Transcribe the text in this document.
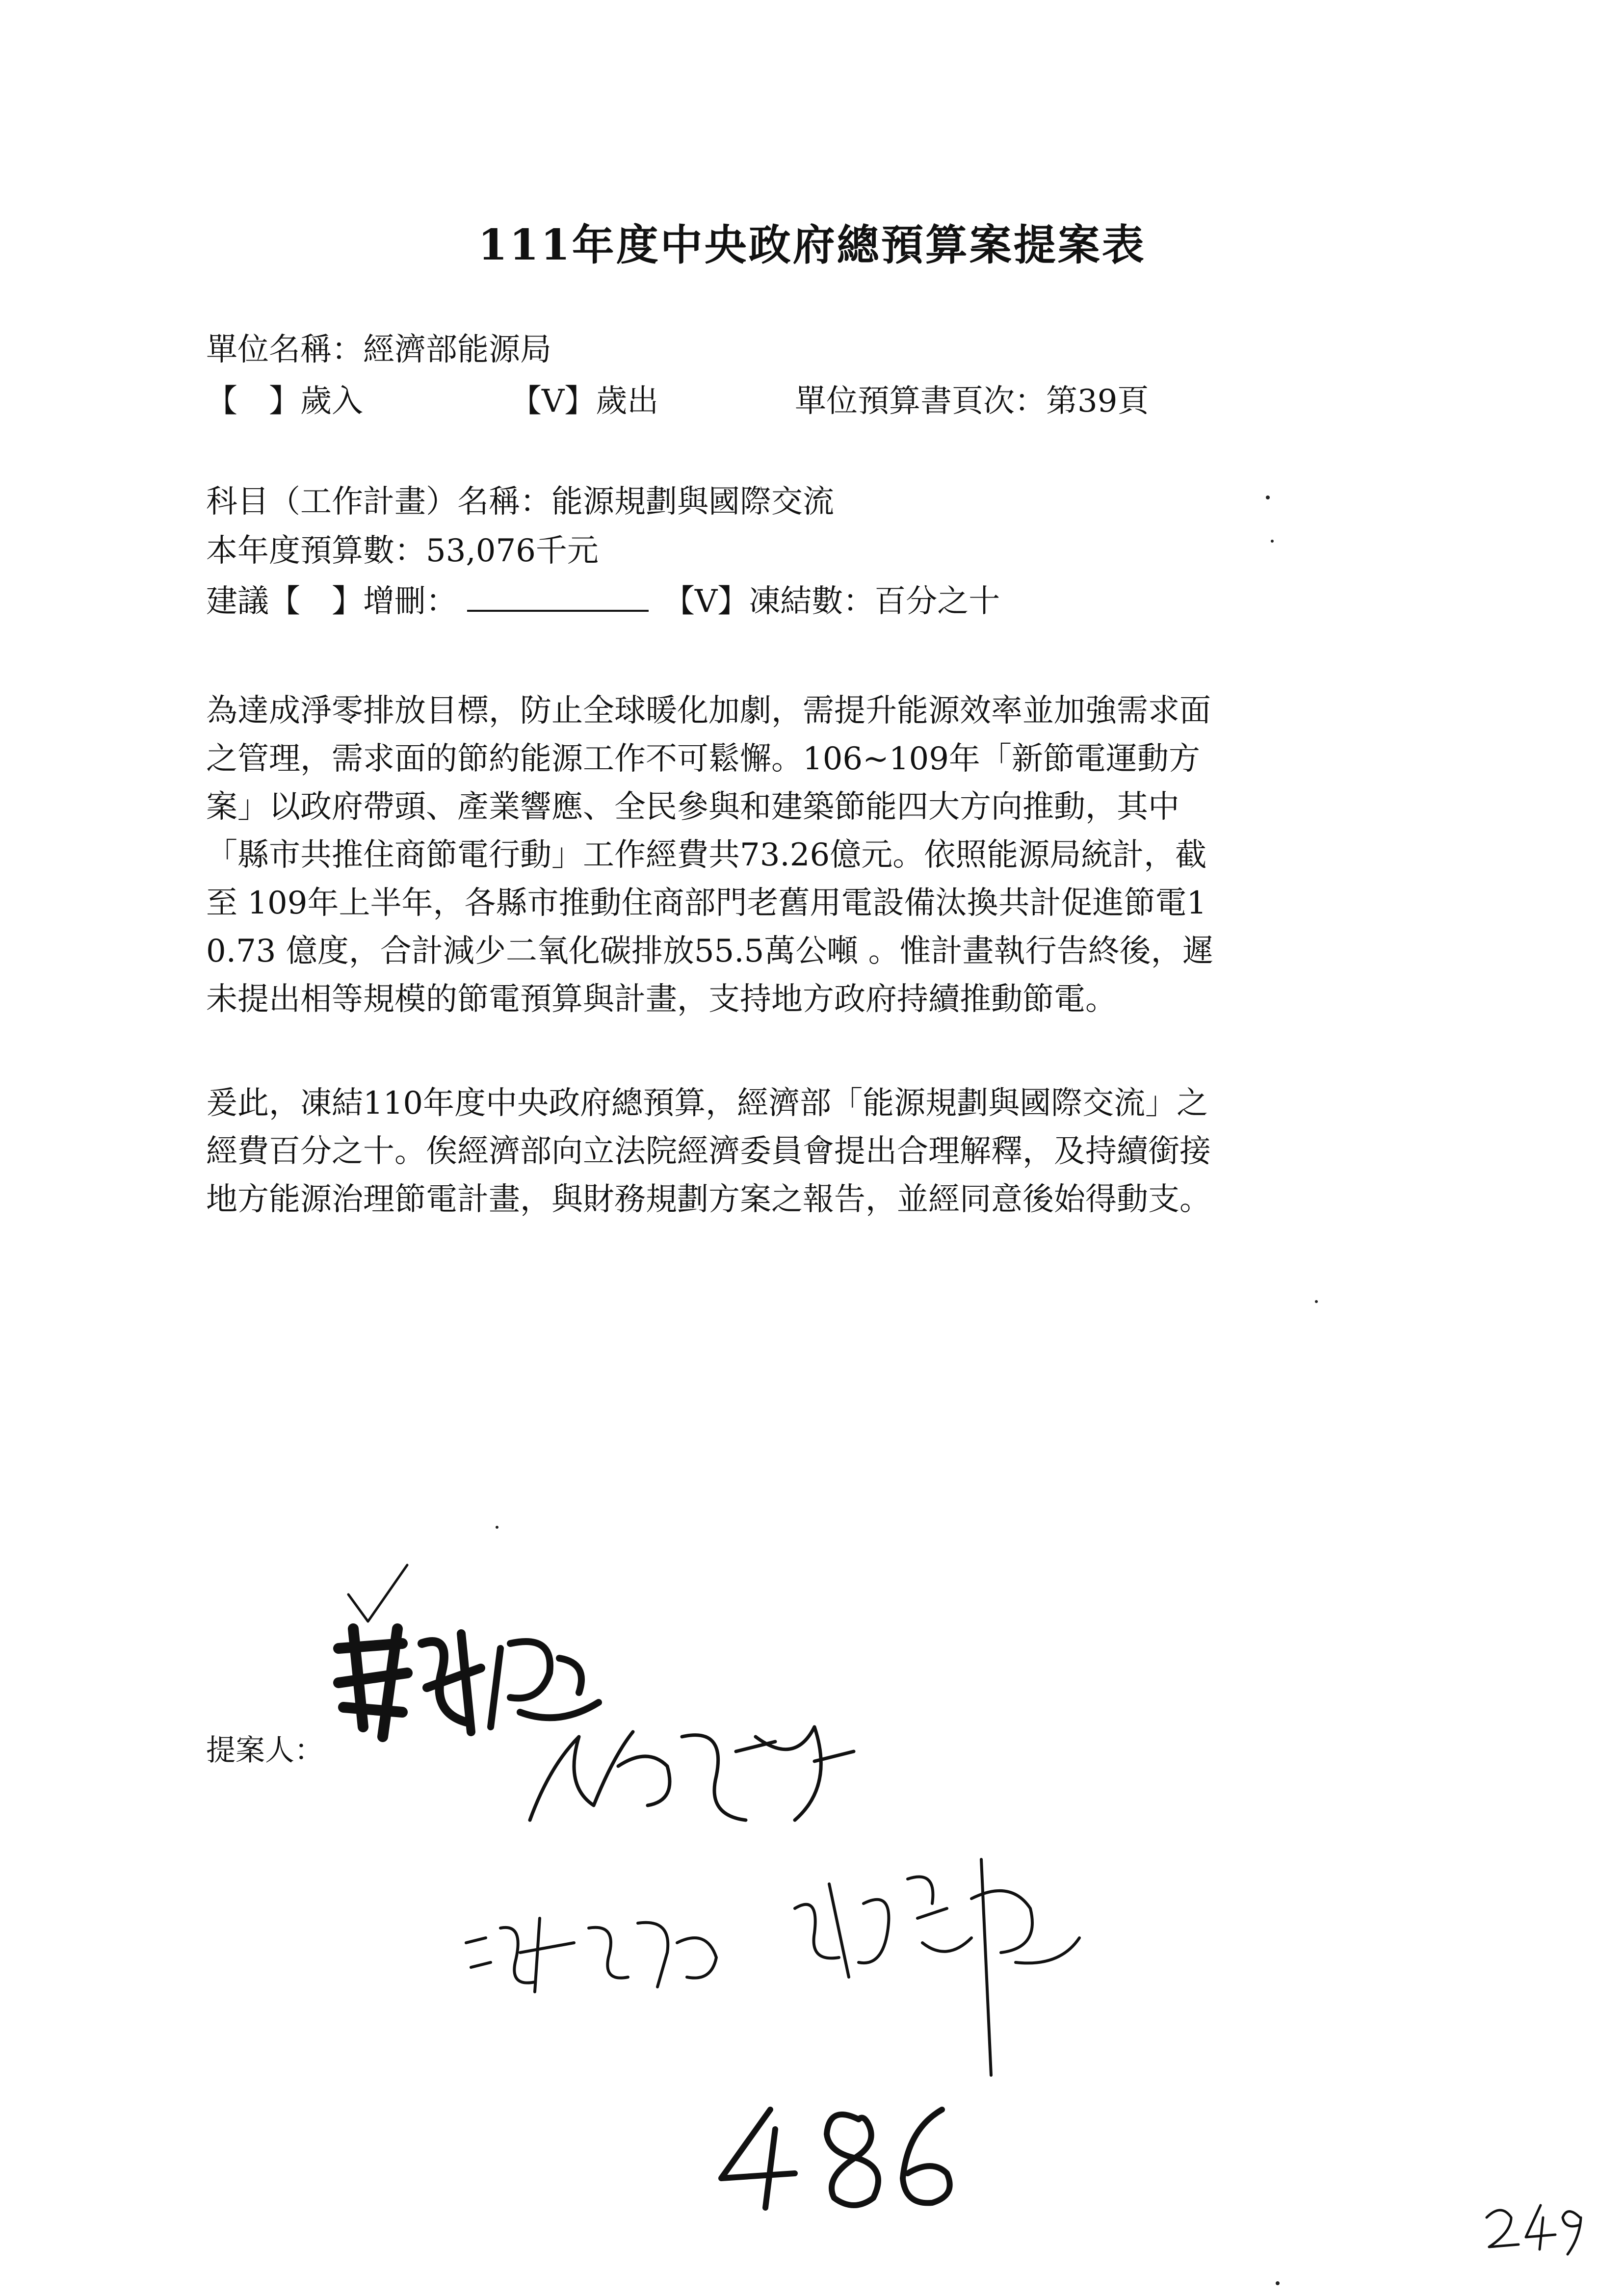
111年度中央政府總預算案提案表
單位名稱：經濟部能源局
【　】歲入	【V】歲出	單位預算書頁次：第39頁
科目（工作計畫）名稱：能源規劃與國際交流
本年度預算數：53,076千元
建議【　】增刪：	【V】凍結數：百分之十
為達成淨零排放目標，防止全球暖化加劇，需提升能源效率並加強需求面
之管理，需求面的節約能源工作不可鬆懈。106~109年「新節電運動方
案」以政府帶頭、產業響應、全民參與和建築節能四大方向推動，其中
「縣市共推住商節電行動」工作經費共73.26億元。依照能源局統計，截
至 109年上半年，各縣市推動住商部門老舊用電設備汰換共計促進節電1
0.73 億度，合計減少二氧化碳排放55.5萬公噸 。惟計畫執行告終後，遲
未提出相等規模的節電預算與計畫，支持地方政府持續推動節電。
爰此，凍結110年度中央政府總預算，經濟部「能源規劃與國際交流」之
經費百分之十。俟經濟部向立法院經濟委員會提出合理解釋，及持續銜接
地方能源治理節電計畫，與財務規劃方案之報告，並經同意後始得動支。
提案人：
